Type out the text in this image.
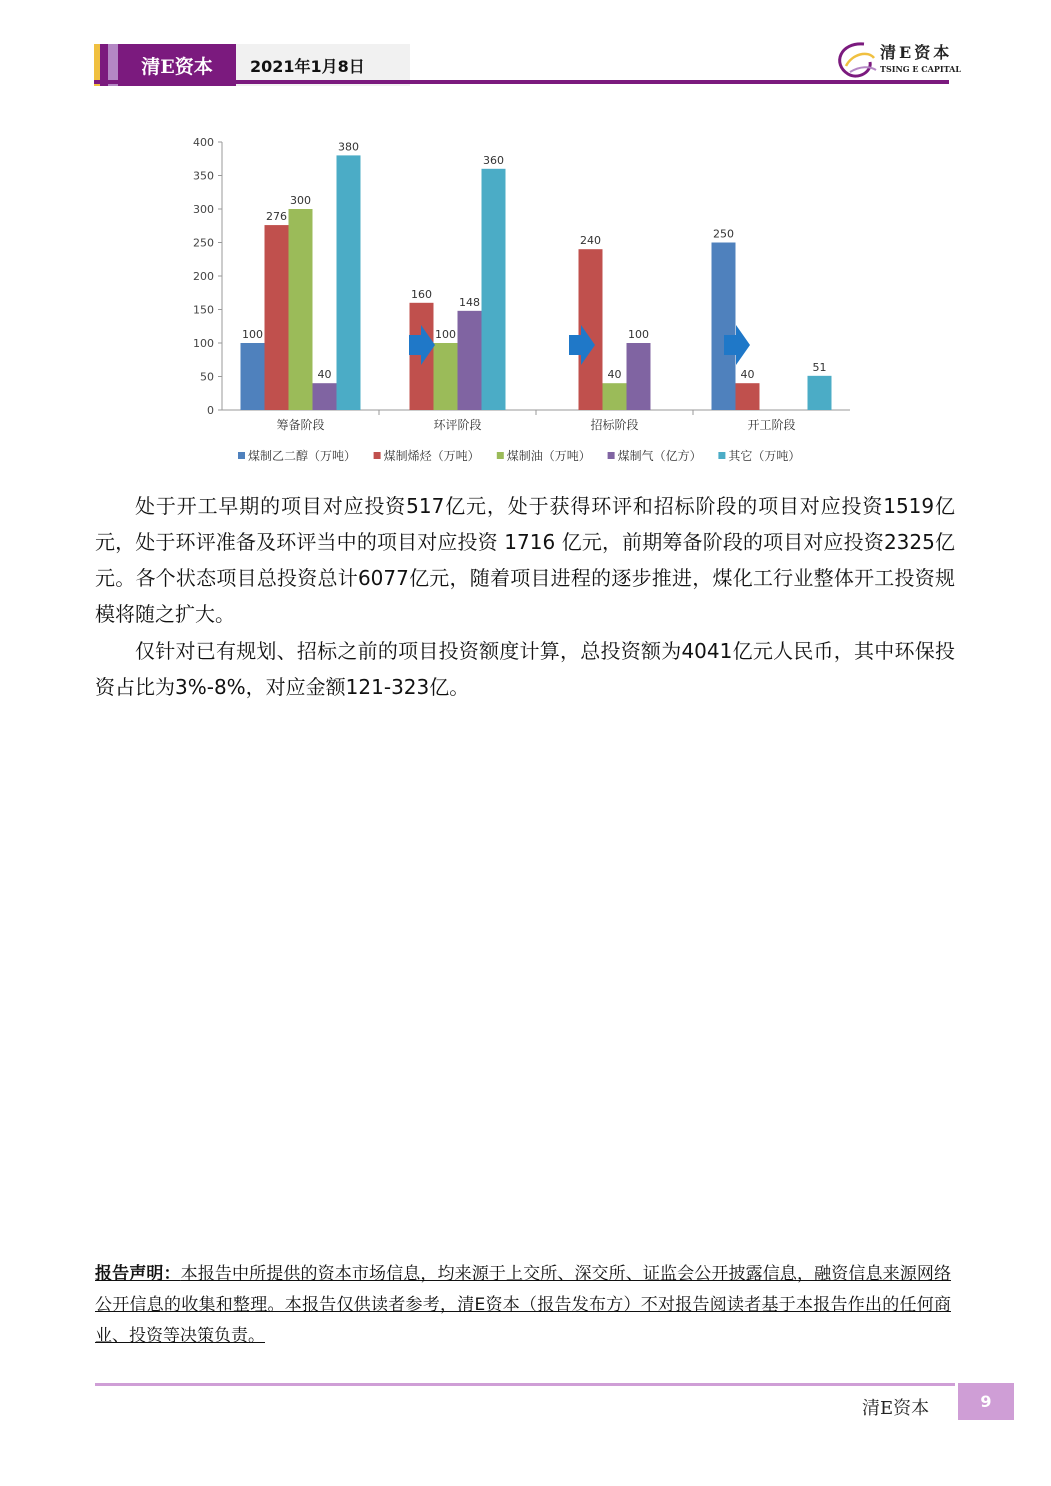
清E资本	2021年1月8日
清E资本
TSING E CAPITAL
0
50
100
150
200
250
300
350
400
筹备阶段	环评阶段	招标阶段	开工阶段
100
276
300
40
380
160
100
148
360
240
40
100
250
40
51
煤制乙二醇（万吨） 煤制烯烃（万吨） 煤制油（万吨） 煤制气（亿方） 其它（万吨）

处于开工早期的项目对应投资517亿元，处于获得环评和招标阶段的项目对应投资1519亿元，处于环评准备及环评当中的项目对应投资 1716 亿元，前期筹备阶段的项目对应投资2325亿元。各个状态项目总投资总计6077亿元，随着项目进程的逐步推进，煤化工行业整体开工投资规模将随之扩大。

仅针对已有规划、招标之前的项目投资额度计算，总投资额为4041亿元人民币，其中环保投资占比为3%-8%，对应金额121-323亿。

报告声明：本报告中所提供的资本市场信息，均来源于上交所、深交所、证监会公开披露信息，融资信息来源网络公开信息的收集和整理。本报告仅供读者参考，清E资本（报告发布方）不对报告阅读者基于本报告作出的任何商业、投资等决策负责。

清E资本	9
